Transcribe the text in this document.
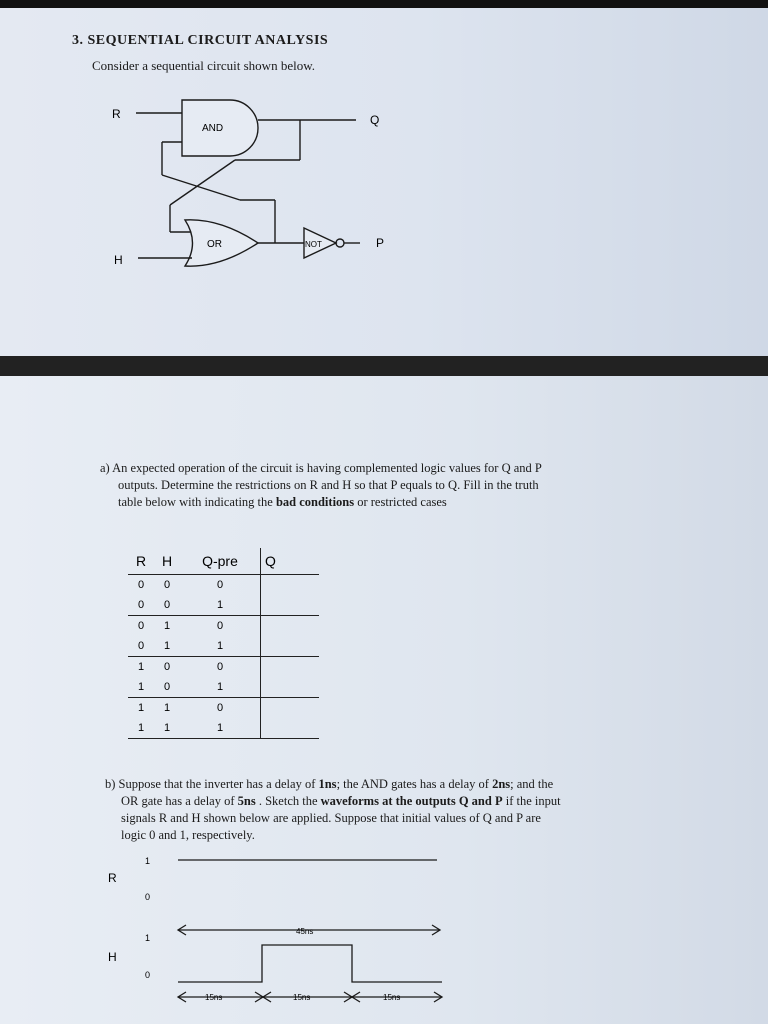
3. SEQUENTIAL CIRCUIT ANALYSIS
Consider a sequential circuit shown below.
R	Q
H
P
AND
OR	NOT
1
R
0
1
H
0
45ns
15ns	15ns	15ns
a) An expected operation of the circuit is having complemented logic values for Q and P
outputs. Determine the restrictions on R and H so that P equals to Q. Fill in the truth
table below with indicating the bad conditions or restricted cases
R	H	Q-pre	Q
0	0	0	
0	0	1	
0	1	0	
0	1	1	
1	0	0	
1	0	1	
1	1	0	
1	1	1	
b) Suppose that the inverter has a delay of 1ns; the AND gates has a delay of 2ns; and the
OR gate has a delay of 5ns . Sketch the waveforms at the outputs Q and P if the input
signals R and H shown below are applied. Suppose that initial values of Q and P are
logic 0 and 1, respectively.
